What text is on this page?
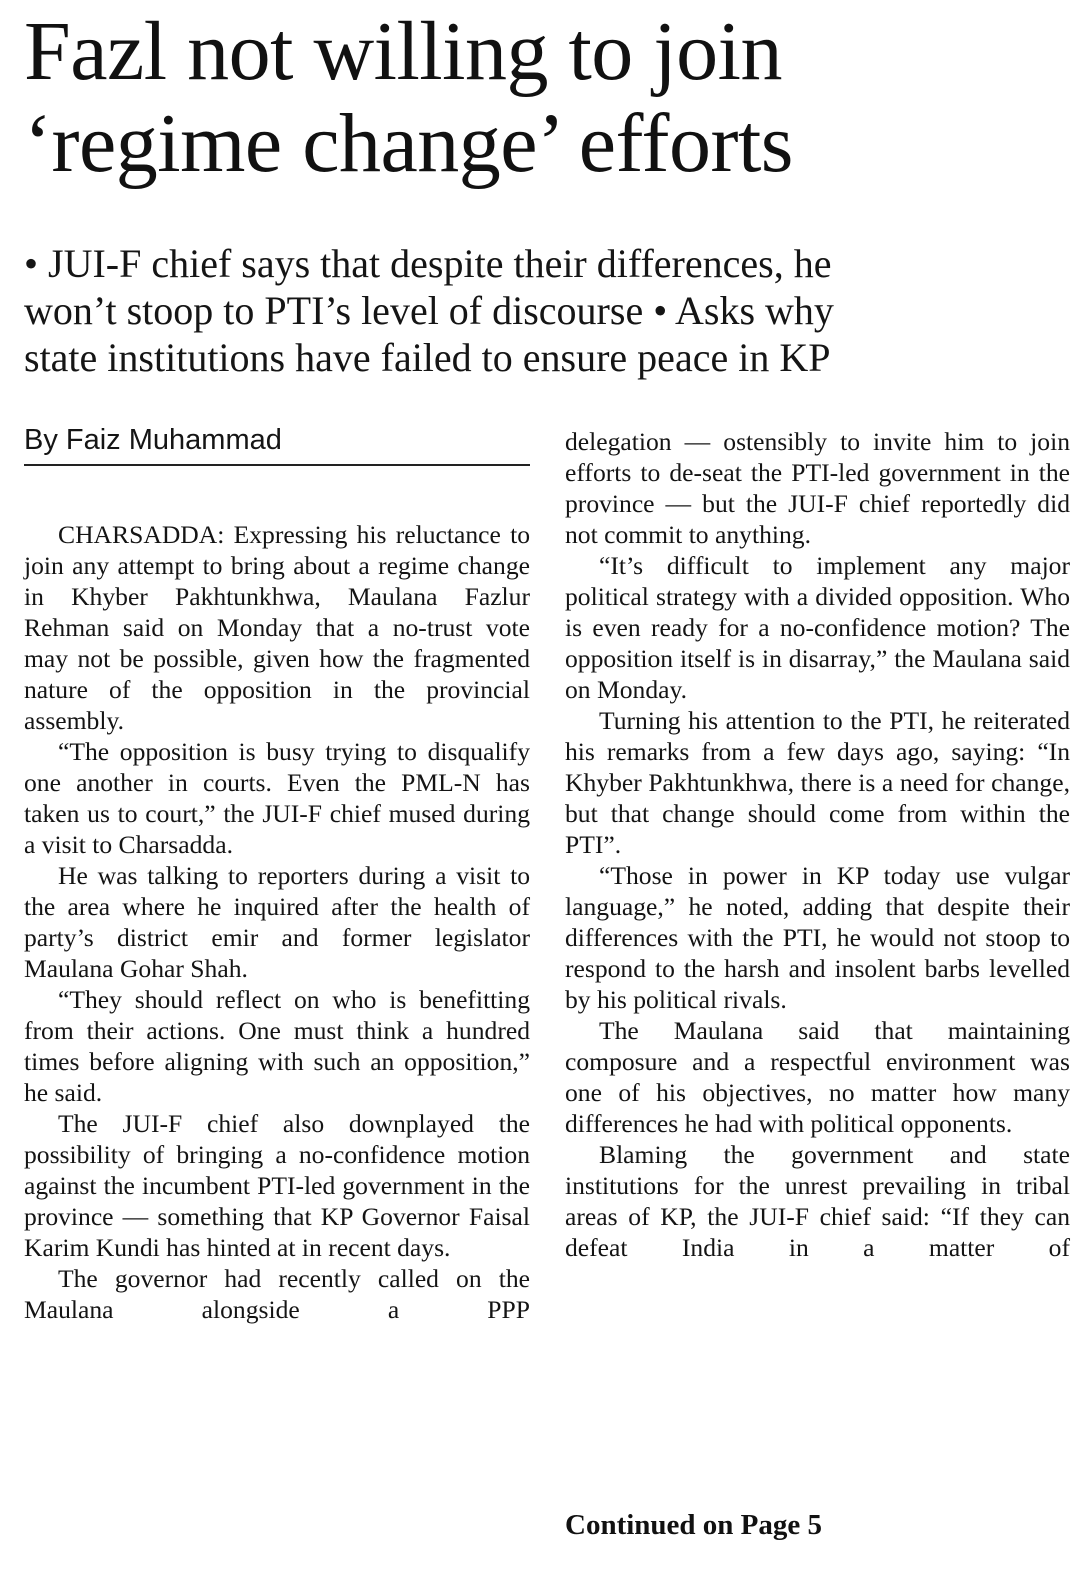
Fazl not willing to join
‘regime change’ efforts
• JUI-F chief says that despite their differences, he
won’t stoop to PTI’s level of discourse • Asks why
state institutions have failed to ensure peace in KP
By Faiz Muhammad

CHARSADDA: Expressing his reluctance to join any attempt to bring about a regime change in Khyber Pakhtunkhwa, Maulana Fazlur Rehman said on Monday that a no-trust vote may not be possible, given how the fragmented nature of the opposition in the provincial assembly.

“The opposition is busy trying to disqualify one another in courts. Even the PML-N has taken us to court,” the JUI-F chief mused during a visit to Charsadda.

He was talking to reporters during a visit to the area where he inquired after the health of party’s district emir and former legislator Maulana Gohar Shah.

“They should reflect on who is benefitting from their actions. One must think a hundred times before aligning with such an opposition,” he said.

The JUI-F chief also downplayed the possibility of bringing a no-confidence motion against the incumbent PTI-led government in the province — something that KP Governor Faisal Karim Kundi has hinted at in recent days.

The governor had recently called on the Maulana alongside a PPP

delegation — ostensibly to invite him to join efforts to de-seat the PTI-led government in the province — but the JUI-F chief reportedly did not commit to anything.

“It’s difficult to implement any major political strategy with a divided opposition. Who is even ready for a no-confidence motion? The opposition itself is in disarray,” the Maulana said on Monday.

Turning his attention to the PTI, he reiterated his remarks from a few days ago, saying: “In Khyber Pakhtunkhwa, there is a need for change, but that change should come from within the PTI”.

“Those in power in KP today use vulgar language,” he noted, adding that despite their differences with the PTI, he would not stoop to respond to the harsh and insolent barbs levelled by his political rivals.

The Maulana said that maintaining composure and a respectful environment was one of his objectives, no matter how many differences he had with political opponents.

Blaming the government and state institutions for the unrest prevailing in tribal areas of KP, the JUI-F chief said: “If they can defeat India in a matter of

Continued on Page 5
